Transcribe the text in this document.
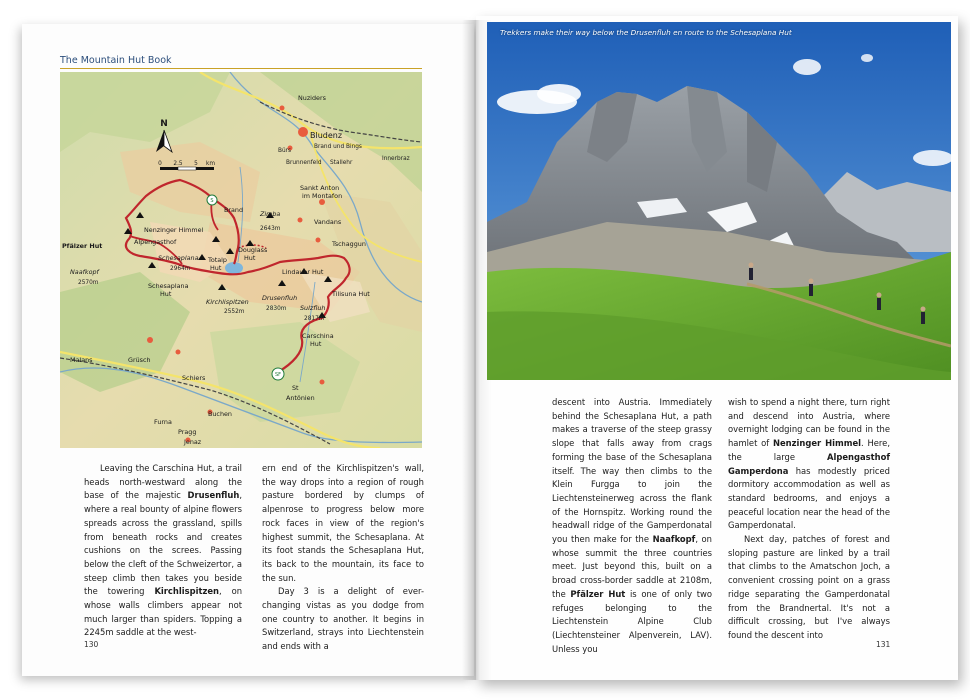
The Mountain Hut Book
N
0 2.5 5 km
S
SF
Nuziders
Bludenz
Brand und Bings
Bürs
Brunnenfeld Stallehr
Innerbraz
Sankt Anton
im Montafon
Brand	Zimba
2643m
Vandans
Tschaggun
Nenzinger Himmel
Alpengasthof
Pfälzer Hut
Naafkopf
2570m
Schesaplana
2964m
Douglass
Hut
Totalp
Hut
Schesaplana
Hut
Kirchlispitzen
2552m
Drusenfluh
2830m
Lindauer Hut
Tilisuna Hut
Sulzfluh
2817m
Carschina
Hut
St
Antönien
Malans	Grüsch
Schiers
Furna
Buchen
Pragg
Jenaz

Leaving the Carschina Hut, a trail heads north-westward along the base of the majestic Drusenfluh, where a real bounty of alpine flowers spreads across the grassland, spills from beneath rocks and creates cushions on the screes. Passing below the cleft of the Schweizertor, a steep climb then takes you beside the towering Kirchlispitzen, on whose walls climbers appear not much larger than spiders. Topping a 2245m saddle at the west-

ern end of the Kirchlispitzen's wall, the way drops into a region of rough pasture bordered by clumps of alpenrose to progress below more rock faces in view of the region's highest summit, the Schesaplana. At its foot stands the Schesaplana Hut, its back to the mountain, its face to the sun.

Day 3 is a delight of ever-changing vistas as you dodge from one country to another. It begins in Switzerland, strays into Liechtenstein and ends with a

130
Trekkers make their way below the Drusenfluh en route to the Schesaplana Hut

descent into Austria. Immediately behind the Schesaplana Hut, a path makes a traverse of the steep grassy slope that falls away from crags forming the base of the Schesaplana itself. The way then climbs to the Klein Furgga to join the Liechtensteinerweg across the flank of the Hornspitz. Working round the headwall ridge of the Gamperdonatal you then make for the Naafkopf, on whose summit the three countries meet. Just beyond this, built on a broad cross-border saddle at 2108m, the Pfälzer Hut is one of only two refuges belonging to the Liechtenstein Alpine Club (Liechtensteiner Alpenverein, LAV). Unless you

wish to spend a night there, turn right and descend into Austria, where overnight lodging can be found in the hamlet of Nenzinger Himmel. Here, the large Alpengasthof Gamperdona has modestly priced dormitory accommodation as well as standard bedrooms, and enjoys a peaceful location near the head of the Gamperdonatal.

Next day, patches of forest and sloping pasture are linked by a trail that climbs to the Amatschon Joch, a convenient crossing point on a grass ridge separating the Gamperdonatal from the Brandnertal. It's not a difficult crossing, but I've always found the descent into

131
